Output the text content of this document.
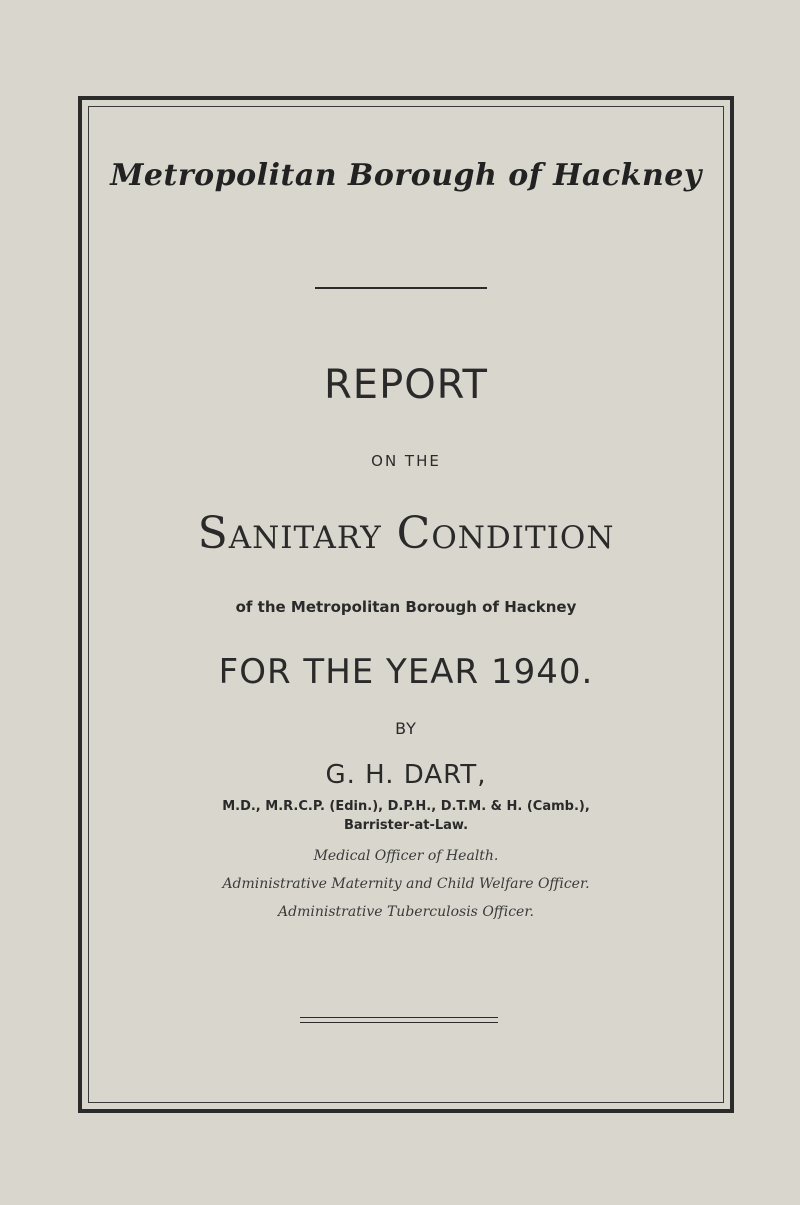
Metropolitan Borough of Hackney
REPORT
ON THE
Sanitary Condition
of the Metropolitan Borough of Hackney
FOR THE YEAR 1940.
BY
G. H. DART,
M.D., M.R.C.P. (Edin.), D.P.H., D.T.M. & H. (Camb.),
Barrister-at-Law.
Medical Officer of Health.
Administrative Maternity and Child Welfare Officer.
Administrative Tuberculosis Officer.
